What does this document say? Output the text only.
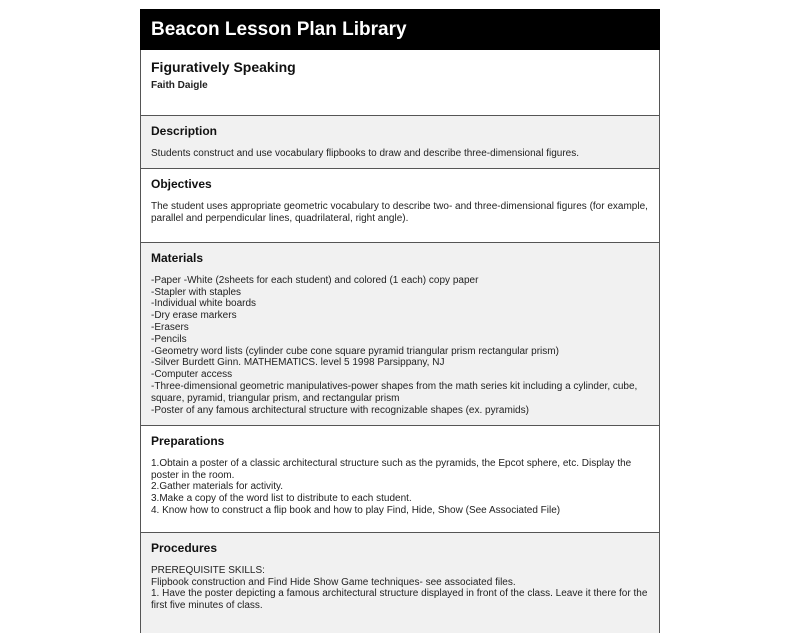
Beacon Lesson Plan Library
Figuratively Speaking

Faith Daigle

Description

Students construct and use vocabulary flipbooks to draw and describe three-dimensional figures.

Objectives

The student uses appropriate geometric vocabulary to describe two- and three-dimensional figures (for example, parallel and perpendicular lines, quadrilateral, right angle).

Materials
-Paper -White (2sheets for each student) and colored (1 each) copy paper
-Stapler with staples
-Individual white boards
-Dry erase markers
-Erasers
-Pencils
-Geometry word lists (cylinder cube cone square pyramid triangular prism rectangular prism)
-Silver Burdett Ginn. MATHEMATICS. level 5 1998 Parsippany, NJ
-Computer access
-Three-dimensional geometric manipulatives-power shapes from the math series kit including a cylinder, cube, square, pyramid, triangular prism, and rectangular prism
-Poster of any famous architectural structure with recognizable shapes (ex. pyramids)
Preparations
1.Obtain a poster of a classic architectural structure such as the pyramids, the Epcot sphere, etc. Display the poster in the room.
2.Gather materials for activity.
3.Make a copy of the word list to distribute to each student.
4. Know how to construct a flip book and how to play Find, Hide, Show (See Associated File)
Procedures
PREREQUISITE SKILLS:
Flipbook construction and Find Hide Show Game techniques- see associated files.
1. Have the poster depicting a famous architectural structure displayed in front of the class. Leave it there for the first five minutes of class.
